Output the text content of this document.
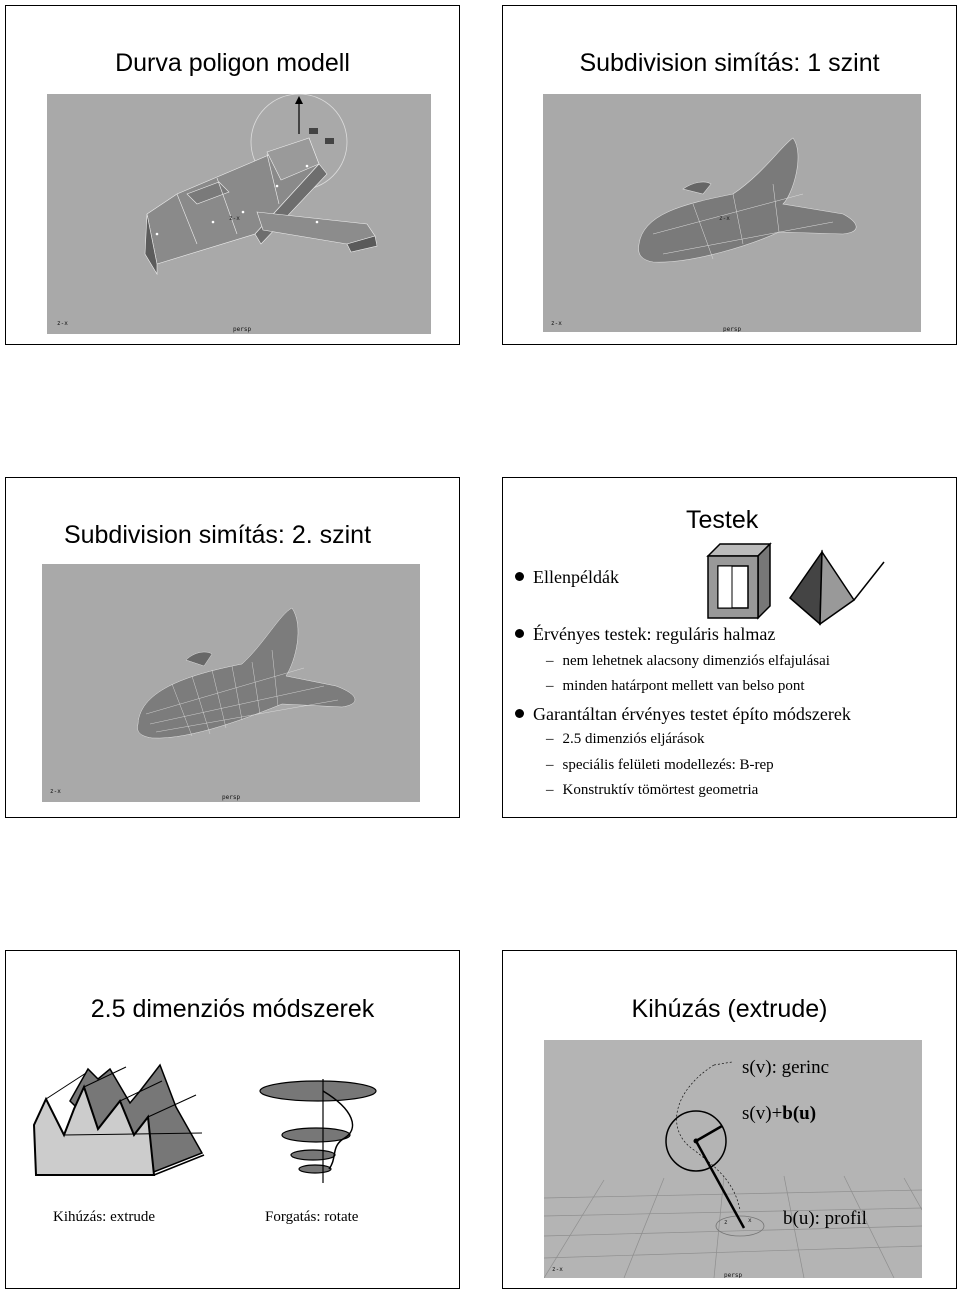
Durva poligon modell
z-x
z-x
persp
Subdivision simítás: 1 szint
z-x
z-x
persp
Subdivision simítás: 2. szint
z-x
persp
Testek
Ellenpéldák
Érvényes testek: reguláris halmaz
– nem lehetnek alacsony dimenziós elfajulásai
– minden határpont mellett van belso pont
Garantáltan érvényes testet építo módszerek
– 2.5 dimenziós eljárások
– speciális felületi modellezés: B-rep
– Konstruktív tömörtest geometria
2.5 dimenziós módszerek
Kihúzás: extrude	Forgatás: rotate
Kihúzás (extrude)
z	x
z-x
persp
s(v): gerinc
s(v)+b(u)
b(u): profil
